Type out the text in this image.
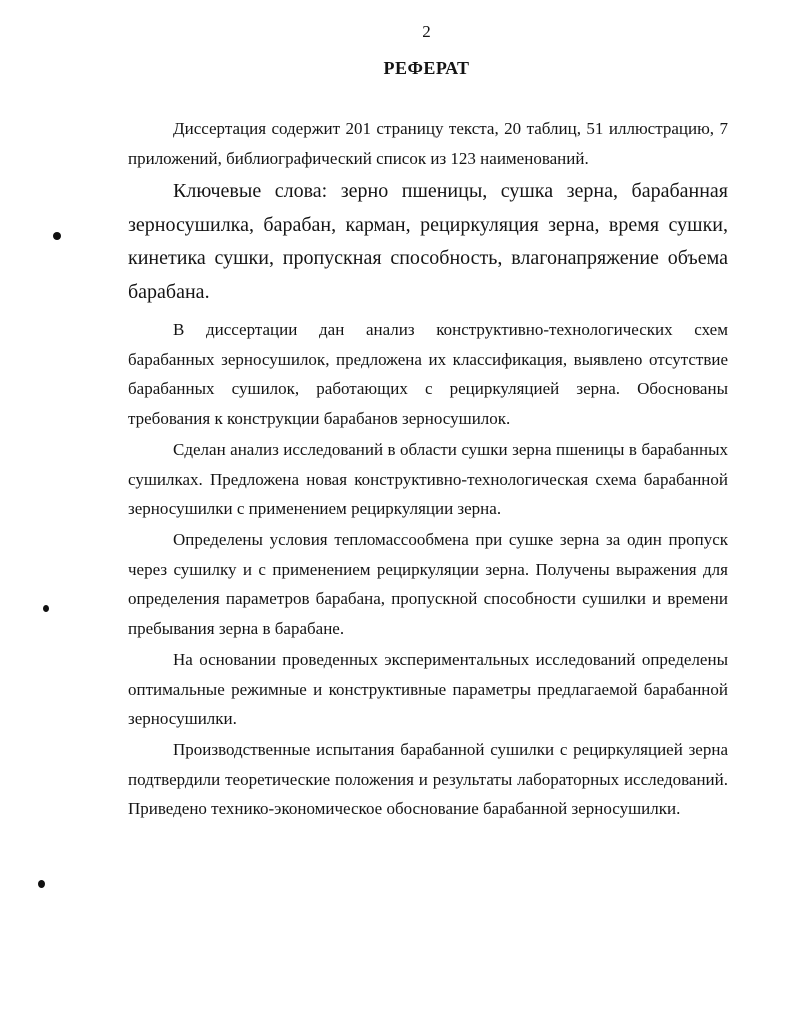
2
РЕФЕРАТ

Диссертация содержит 201 страницу текста, 20 таблиц, 51 иллюстрацию, 7 приложений, библиографический список из 123 наименований.

Ключевые слова: зерно пшеницы, сушка зерна, барабанная зерносушилка, барабан, карман, рециркуляция зерна, время сушки, кинетика сушки, пропускная способность, влагонапряжение объема барабана.

В диссертации дан анализ конструктивно-технологических схем барабанных зерносушилок, предложена их классификация, выявлено отсутствие барабанных сушилок, работающих с рециркуляцией зерна. Обоснованы требования к конструкции барабанов зерносушилок.

Сделан анализ исследований в области сушки зерна пшеницы в барабанных сушилках. Предложена новая конструктивно-технологическая схема барабанной зерносушилки с применением рециркуляции зерна.

Определены условия тепломассообмена при сушке зерна за один пропуск через сушилку и с применением рециркуляции зерна. Получены выражения для определения параметров барабана, пропускной способности сушилки и времени пребывания зерна в барабане.

На основании проведенных экспериментальных исследований определены оптимальные режимные и конструктивные параметры предлагаемой барабанной зерносушилки.

Производственные испытания барабанной сушилки с рециркуляцией зерна подтвердили теоретические положения и результаты лабораторных исследований. Приведено технико-экономическое обоснование барабанной зерносушилки.
